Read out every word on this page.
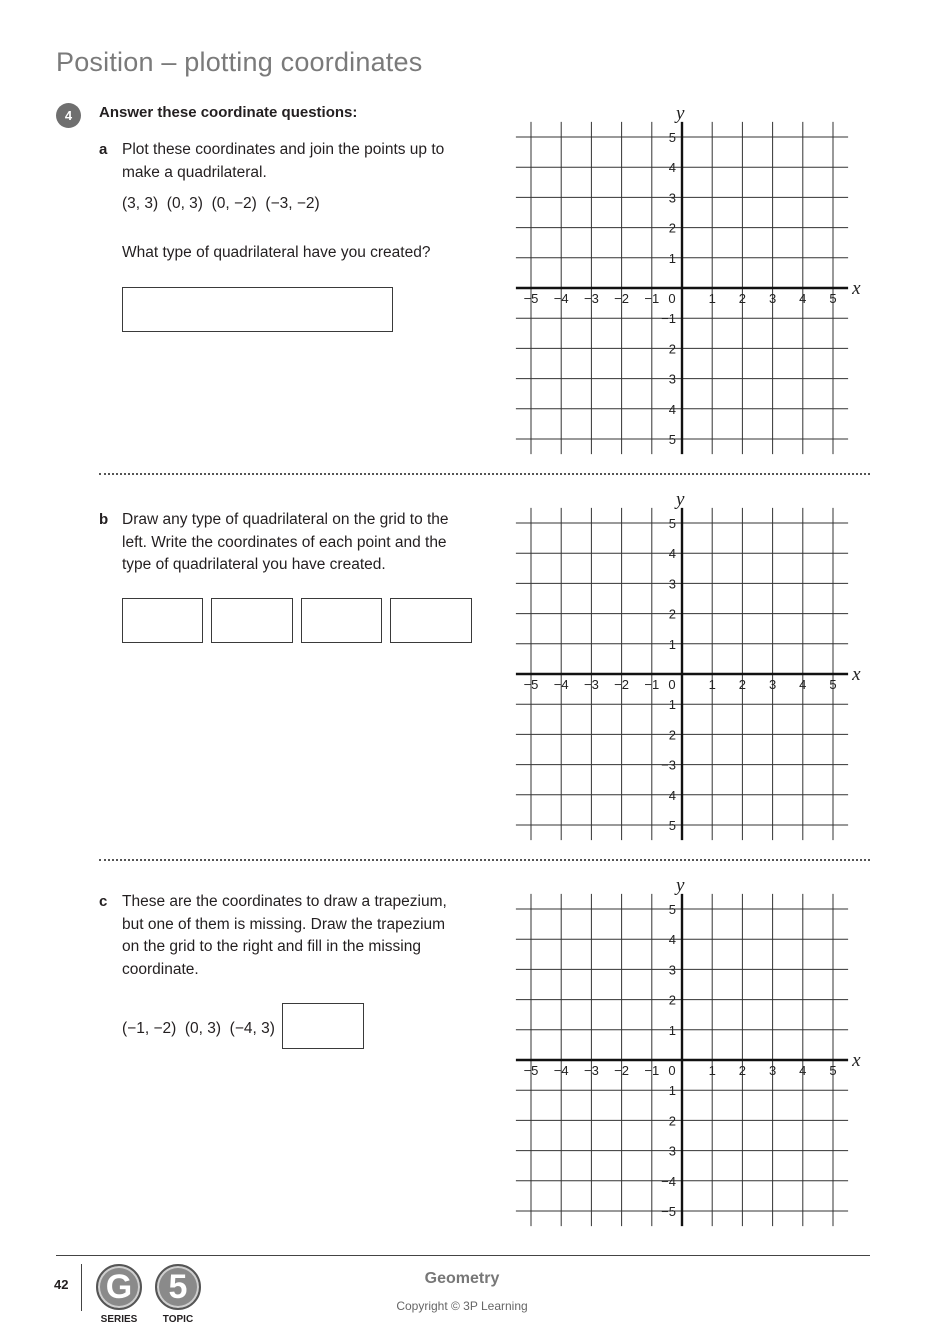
Position – plotting coordinates
4	Answer these coordinate questions:
a Plot these coordinates and join the points up to
make a quadrilateral.
(3, 3)  (0, 3)  (0, −2)  (−3, −2)
What type of quadrilateral have you created?
x
y
−5 −4 −3 −2 −1 0	1 2 3 4 5
5
4
3
2
1
−1
2
3
4
5
b Draw any type of quadrilateral on the grid to the
left. Write the coordinates of each point and the
type of quadrilateral you have created.
x
y
−5 −4 −3 −2 −1 0	1 2 3 4 5
5
4
3
2
1
1
2
−3
4
5
c These are the coordinates to draw a trapezium,
but one of them is missing. Draw the trapezium
on the grid to the right and fill in the missing
coordinate.
(−1, −2)  (0, 3)  (−4, 3)
x
y
−5 −4 −3 −2 −1 0	1 2 3 4 5
5
4
3
2
1
1
2
3
−4
−5
42 G
SERIES
5
TOPIC
Geometry
Copyright © 3P Learning
